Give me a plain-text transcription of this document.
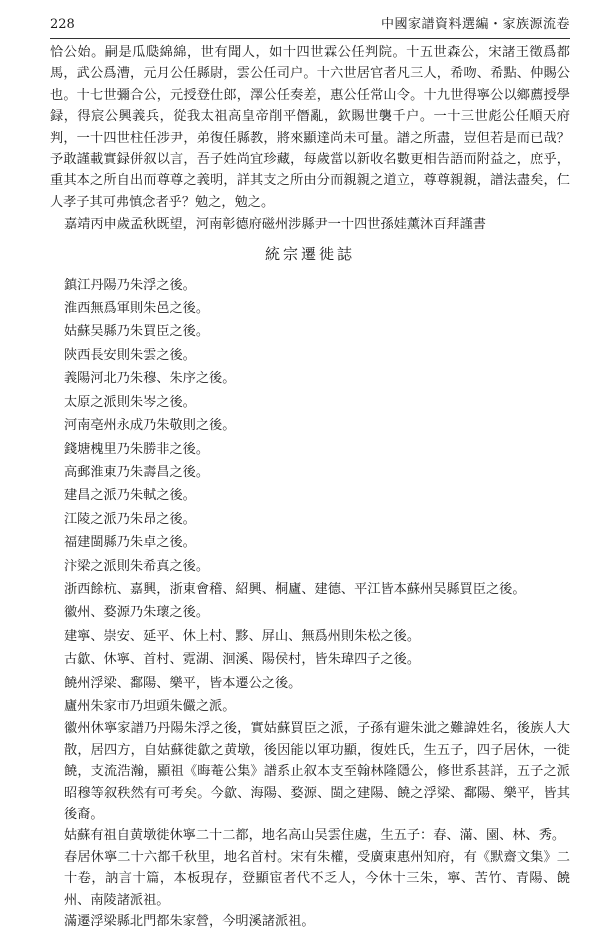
228	中國家譜資料選編・家族源流卷

恰公始。嗣是瓜瓞綿綿，世有聞人，如十四世霖公任判院。十五世森公，宋諸王徵爲都馬，武公爲漕，元月公任縣尉，雲公任司户。十六世居官者凡三人，希吻、希點、仲賜公也。十七世彌合公，元授登仕郎，澤公任奏差，惠公任常山令。十九世得寧公以鄉薦授學録，得宸公興義兵，從我太祖高皇帝削平僭亂，欽賜世襲千户。一十三世彪公任順天府判，一十四世柱任涉尹，弟復任縣教，將來顯達尚未可量。譜之所盡，豈但若是而已哉？予敢謹載實録併叙以言，吾子姓尚宜珍藏，每歲當以新收名數更相告語而附益之，庶乎，重其本之所自出而尊尊之義明，詳其支之所由分而親親之道立，尊尊親親，譜法盡矣，仁人孝子其可弗慎念者乎？勉之，勉之。

嘉靖丙申歲孟秋既望，河南彰德府磁州涉縣尹一十四世孫娃薰沐百拜謹書

統宗遷徙誌
鎮江丹陽乃朱浮之後。
淮西無爲軍則朱邑之後。
姑蘇吴縣乃朱買臣之後。
陝西長安則朱雲之後。
義陽河北乃朱穆、朱序之後。
太原之派則朱岑之後。
河南亳州永成乃朱敬則之後。
錢塘槐里乃朱勝非之後。
高郵淮東乃朱壽昌之後。
建昌之派乃朱軾之後。
江陵之派乃朱昂之後。
福建閩縣乃朱卓之後。
汴梁之派則朱希真之後。
浙西餘杭、嘉興，浙東會稽、紹興、桐廬、建德、平江皆本蘇州吴縣買臣之後。
徽州、婺源乃朱瓌之後。
建寧、崇安、延平、休上村、黟、屏山、無爲州則朱松之後。
古歙、休寧、首村、霓湖、洄溪、陽侯村，皆朱瑋四子之後。
饒州浮梁、鄱陽、樂平，皆本遷公之後。
廬州朱家市乃坦頭朱儼之派。

徽州休寧家譜乃丹陽朱浮之後，實姑蘇買臣之派，子孫有避朱泚之難諱姓名，後族人大散，居四方，自姑蘇徙歙之黄墩，後因能以軍功顯，復姓氏，生五子，四子居休，一徙饒，支流浩瀚，顯祖《晦菴公集》譜系止叙本支至翰林隆隱公，修世系甚詳，五子之派昭穆等叙秩然有可考矣。今歙、海陽、婺源、閩之建陽、饒之浮梁、鄱陽、樂平，皆其後裔。

姑蘇有祖自黄墩徙休寧二十二都，地名高山吴雲住處，生五子：春、滿、園、林、秀。

春居休寧二十六都千秋里，地名首村。宋有朱權，受廣東惠州知府，有《默齋文集》二十卷，訥言十篇，本板現存，登顯宦者代不乏人，今休十三朱，寧、苦竹、青陽、饒州、南陵諸派祖。

滿遷浮梁縣北門都朱家營，今明溪諸派祖。
